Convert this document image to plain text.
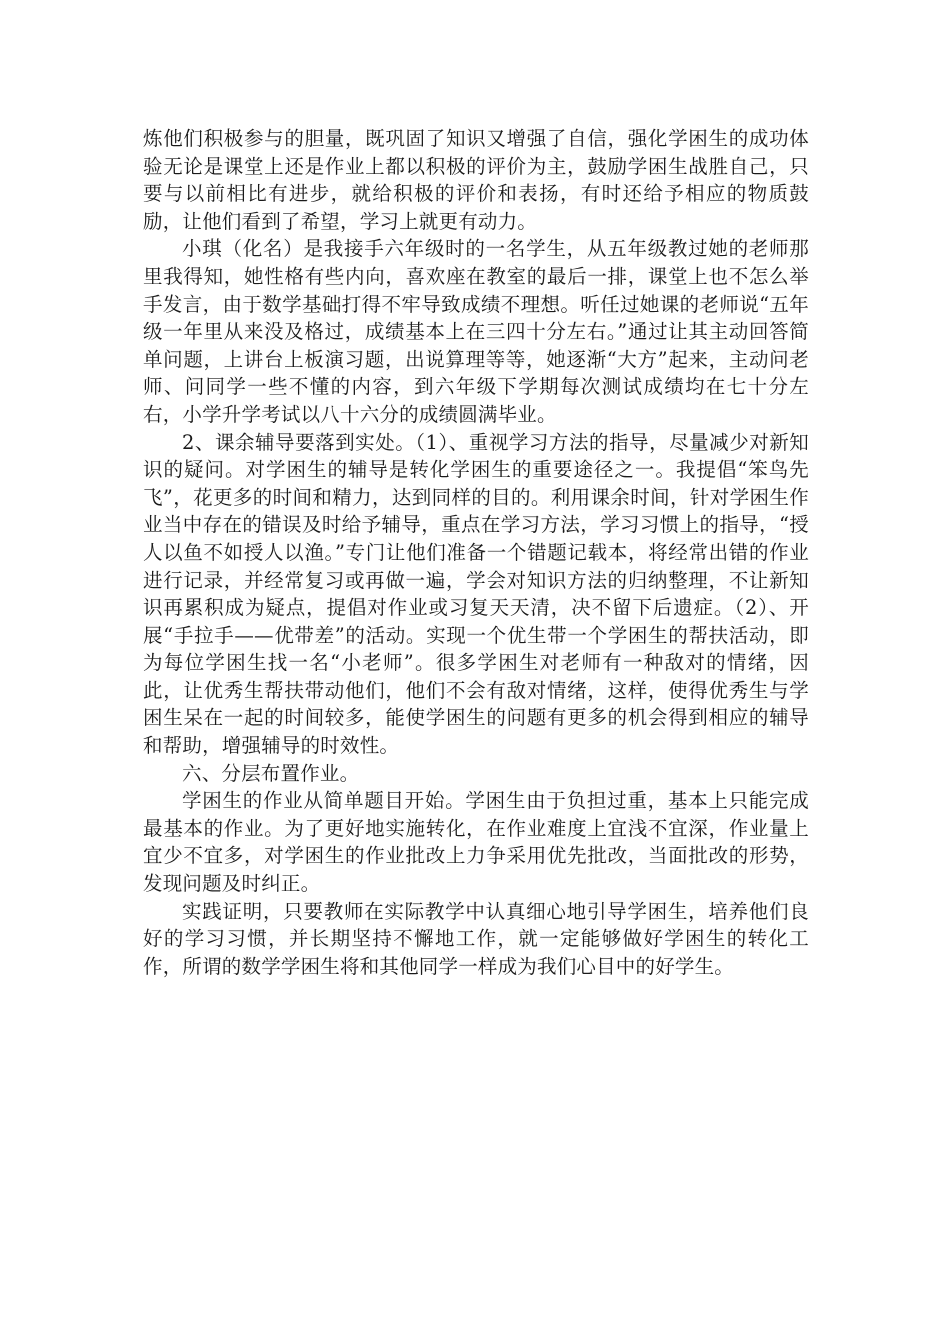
炼他们积极参与的胆量，既巩固了知识又增强了自信，强化学困生的成功体验无论是课堂上还是作业上都以积极的评价为主，鼓励学困生战胜自己，只要与以前相比有进步，就给积极的评价和表扬，有时还给予相应的物质鼓励，让他们看到了希望，学习上就更有动力。

小琪（化名）是我接手六年级时的一名学生，从五年级教过她的老师那里我得知，她性格有些内向，喜欢座在教室的最后一排，课堂上也不怎么举手发言，由于数学基础打得不牢导致成绩不理想。听任过她课的老师说“五年级一年里从来没及格过，成绩基本上在三四十分左右。”通过让其主动回答简单问题，上讲台上板演习题，出说算理等等，她逐渐“大方”起来，主动问老师、问同学一些不懂的内容，到六年级下学期每次测试成绩均在七十分左右，小学升学考试以八十六分的成绩圆满毕业。

2、课余辅导要落到实处。（1）、重视学习方法的指导，尽量减少对新知识的疑问。对学困生的辅导是转化学困生的重要途径之一。我提倡“笨鸟先飞”，花更多的时间和精力，达到同样的目的。利用课余时间，针对学困生作业当中存在的错误及时给予辅导，重点在学习方法，学习习惯上的指导，“授人以鱼不如授人以渔。”专门让他们准备一个错题记载本，将经常出错的作业进行记录，并经常复习或再做一遍，学会对知识方法的归纳整理，不让新知识再累积成为疑点，提倡对作业或习复天天清，决不留下后遗症。（2）、开展“手拉手——优带差”的活动。实现一个优生带一个学困生的帮扶活动，即为每位学困生找一名“小老师”。很多学困生对老师有一种敌对的情绪，因此，让优秀生帮扶带动他们，他们不会有敌对情绪，这样，使得优秀生与学困生呆在一起的时间较多，能使学困生的问题有更多的机会得到相应的辅导和帮助，增强辅导的时效性。

六、分层布置作业。

学困生的作业从简单题目开始。学困生由于负担过重，基本上只能完成最基本的作业。为了更好地实施转化，在作业难度上宜浅不宜深，作业量上宜少不宜多，对学困生的作业批改上力争采用优先批改，当面批改的形势，发现问题及时纠正。

实践证明，只要教师在实际教学中认真细心地引导学困生，培养他们良好的学习习惯，并长期坚持不懈地工作，就一定能够做好学困生的转化工作，所谓的数学学困生将和其他同学一样成为我们心目中的好学生。
